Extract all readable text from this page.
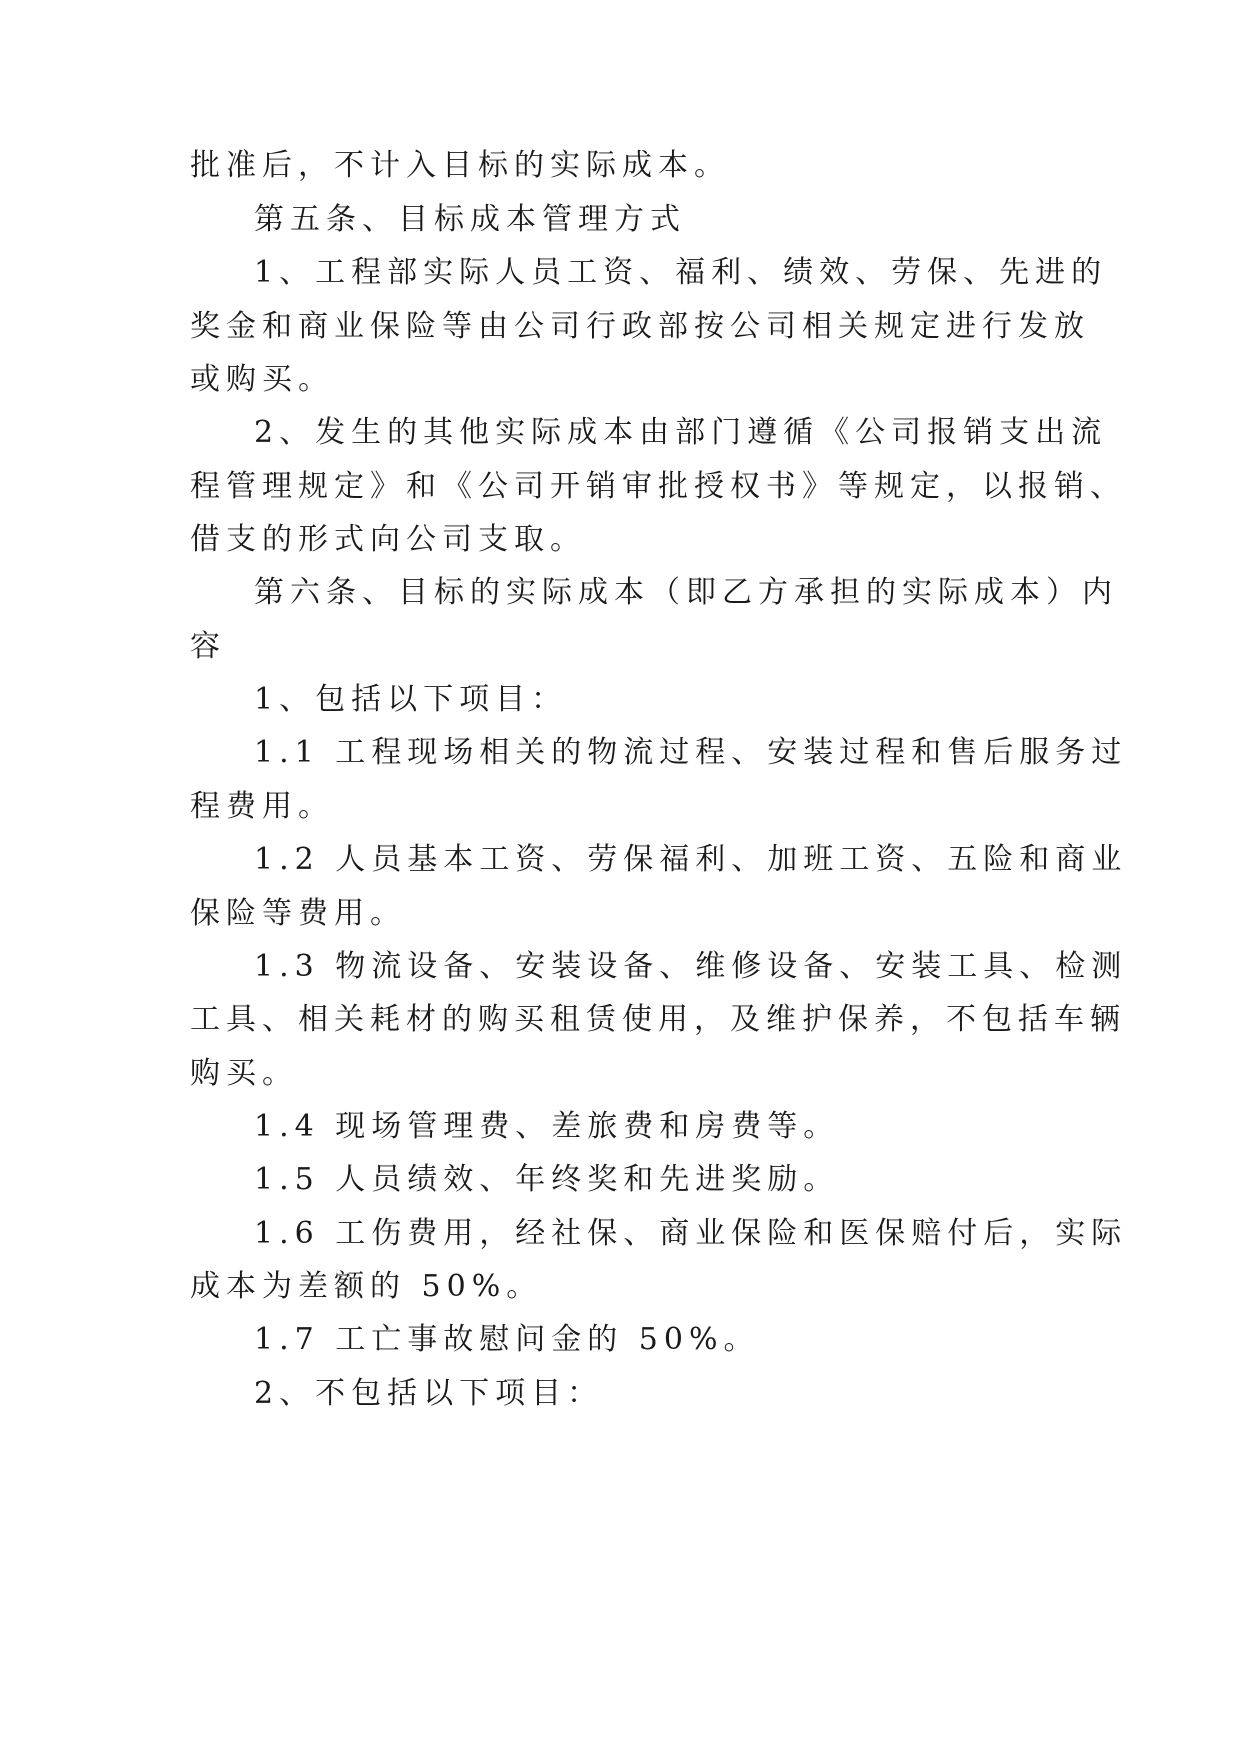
批准后，不计入目标的实际成本。
第五条、目标成本管理方式
1、工程部实际人员工资、福利、绩效、劳保、先进的
奖金和商业保险等由公司行政部按公司相关规定进行发放
或购买。
2、发生的其他实际成本由部门遵循《公司报销支出流
程管理规定》和《公司开销审批授权书》等规定，以报销、
借支的形式向公司支取。
第六条、目标的实际成本（即乙方承担的实际成本）内
容
1、包括以下项目：
1.1 工程现场相关的物流过程、安装过程和售后服务过
程费用。
1.2 人员基本工资、劳保福利、加班工资、五险和商业
保险等费用。
1.3 物流设备、安装设备、维修设备、安装工具、检测
工具、相关耗材的购买租赁使用，及维护保养，不包括车辆
购买。
1.4 现场管理费、差旅费和房费等。
1.5 人员绩效、年终奖和先进奖励。
1.6 工伤费用，经社保、商业保险和医保赔付后，实际
成本为差额的 50%。
1.7 工亡事故慰问金的 50%。
2、不包括以下项目：
